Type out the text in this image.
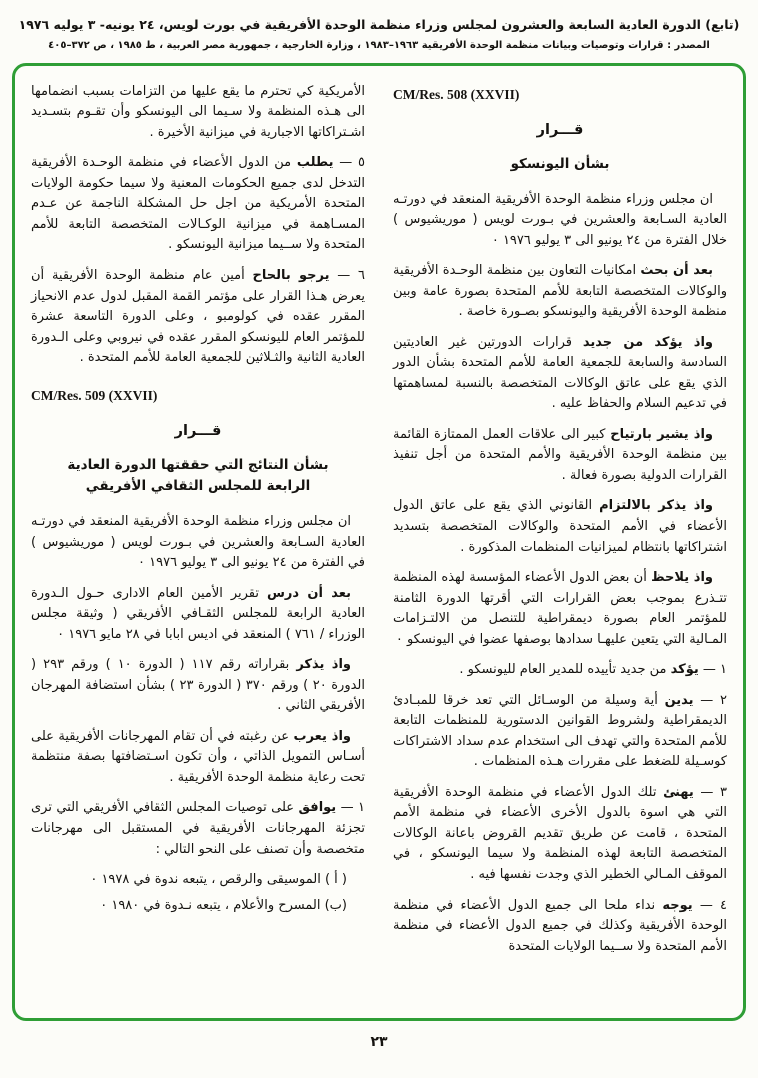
(تابع) الدورة العادية السابعة والعشرون لمجلس وزراء منظمة الوحدة الأفريقية في بورت لويس، ٢٤ يونيه- ٣ يوليه ١٩٧٦
المصدر : قرارات وتوصيات وبيانات منظمة الوحدة الأفريقية ١٩٦٣–١٩٨٣ ، وزارة الخارجية ، جمهورية مصر العربية ، ط ١٩٨٥ ، ص ٣٧٢–٤٠٥
CM/Res. 508 (XXVII)
قـــرار
بشأن اليونسكو
ان مجلس وزراء منظمة الوحدة الأفريقية المنعقد في دورتـه العادية السـابعة والعشرين في بـورت لويس ( موريشيوس ) خلال الفترة من ٢٤ يونيو الى ٣ يوليو ١٩٧٦ ٠
بعد أن بحث امكانيات التعاون بين منظمة الوحـدة الأفريقية والوكالات المتخصصة التابعة للأمم المتحدة بصورة عامة وبين منظمة الوحدة الأفريقية واليونسكو بصـورة خاصة .
واذ يؤكد من جديد قرارات الدورتين غير العاديتين السادسة والسابعة للجمعية العامة للأمم المتحدة بشأن الدور الذي يقع على عاتق الوكالات المتخصصة بالنسبة لمساهمتها في تدعيم السلام والحفاظ عليه .
واذ يشير بارتياح كبير الى علاقات العمل الممتازة القائمة بين منظمة الوحدة الأفريقية والأمم المتحدة من أجل تنفيذ القرارات الدولية بصورة فعالة .
واذ يذكر بالالتزام القانوني الذي يقع على عاتق الدول الأعضاء في الأمم المتحدة والوكالات المتخصصة بتسديد اشتراكاتها بانتظام لميزانيات المنظمات المذكورة .
واذ يلاحظ أن بعض الدول الأعضاء المؤسسة لهذه المنظمة تتـذرع بموجب بعض القرارات التي أقرتها الدورة الثامنة للمؤتمر العام بصورة ديمقراطية للتنصل من الالتـزامات المـالية التي يتعين عليهـا سدادها بوصفها عضوا في اليونسكو ٠
١ — يؤكد من جديد تأييده للمدير العام لليونسكو .
٢ — يدين أية وسيلة من الوسـائل التي تعد خرقا للمبـادئ الديمقراطية ولشروط القوانين الدستورية للمنظمات التابعة للأمم المتحدة والتي تهدف الى استخدام عدم سداد الاشتراكات كوسـيلة للضغط على مقررات هـذه المنظمات .
٣ — يهنئ تلك الدول الأعضاء في منظمة الوحدة الأفريقية التي هي اسوة بالدول الأخرى الأعضاء في منظمة الأمم المتحدة ، قامت عن طريق تقديم القروض باعانة الوكالات المتخصصة التابعة لهذه المنظمة ولا سيما اليونسكو ، في الموقف المـالي الخطير الذي وجدت نفسها فيه .
٤ — يوجه نداء ملحا الى جميع الدول الأعضاء في منظمة الوحدة الأفريقية وكذلك في جميع الدول الأعضاء في منظمة الأمم المتحدة ولا ســيما الولايات المتحدة
الأمريكية كي تحترم ما يقع عليها من التزامات بسبب انضمامها الى هـذه المنظمة ولا سـيما الى اليونسكو وأن تقـوم بتسـديد اشـتراكاتها الاجبارية في ميزانية الأخيرة .
٥ — يطلب من الدول الأعضاء في منظمة الوحـدة الأفريقية التدخل لدى جميع الحكومات المعنية ولا سيما حكومة الولايات المتحدة الأمريكية من اجل حل المشكلة الناجمة عن عـدم المسـاهمة في ميزانية الوكـالات المتخصصة التابعة للأمم المتحدة ولا ســيما ميزانية اليونسكو .
٦ — يرجو بالحاح أمين عام منظمة الوحدة الأفريقية أن يعرض هـذا القرار على مؤتمر القمة المقبل لدول عدم الانحياز المقرر عقده في كولومبو ، وعلى الدورة التاسعة عشرة للمؤتمر العام لليونسكو المقرر عقده في نيروبي وعلى الـدورة العادية الثانية والثـلاثين للجمعية العامة للأمم المتحدة .
CM/Res. 509 (XXVII)
قـــرار
بشأن النتائج التي حققتها الدورة العادية الرابعة للمجلس الثقافي الأفريقي
ان مجلس وزراء منظمة الوحدة الأفريقية المنعقد في دورتـه العادية السـابعة والعشرين في بـورت لويس ( موريشيوس ) في الفترة من ٢٤ يونيو الى ٣ يوليو ١٩٧٦ ٠
بعد أن درس تقرير الأمين العام الادارى حـول الـدورة العادية الرابعة للمجلس الثقـافي الأفريقي ( وثيقة مجلس الوزراء / ٧٦١ ) المنعقد في اديس ابابا في ٢٨ مايو ١٩٧٦ ٠
واذ يذكر بقراراته رقم ١١٧ ( الدورة ١٠ ) ورقم ٢٩٣ ( الدورة ٢٠ ) ورقم ٣٧٠ ( الدورة ٢٣ ) بشأن استضافة المهرجان الأفريقي الثاني .
واذ يعرب عن رغبته في أن تقام المهرجانات الأفريقية على أسـاس التمويل الذاتي ، وأن تكون اسـتضافتها بصفة منتظمة تحت رعاية منظمة الوحدة الأفريقية .
١ — يوافق على توصيات المجلس الثقافي الأفريقي التي ترى تجزئة المهرجانات الأفريقية في المستقبل الى مهرجانات متخصصة وأن تصنف على النحو التالي :
( أ ) الموسيقى والرقص ، يتبعه ندوة في ١٩٧٨ ٠
(ب) المسرح والأعلام ، يتبعه نـدوة في ١٩٨٠ ٠
٢٣
